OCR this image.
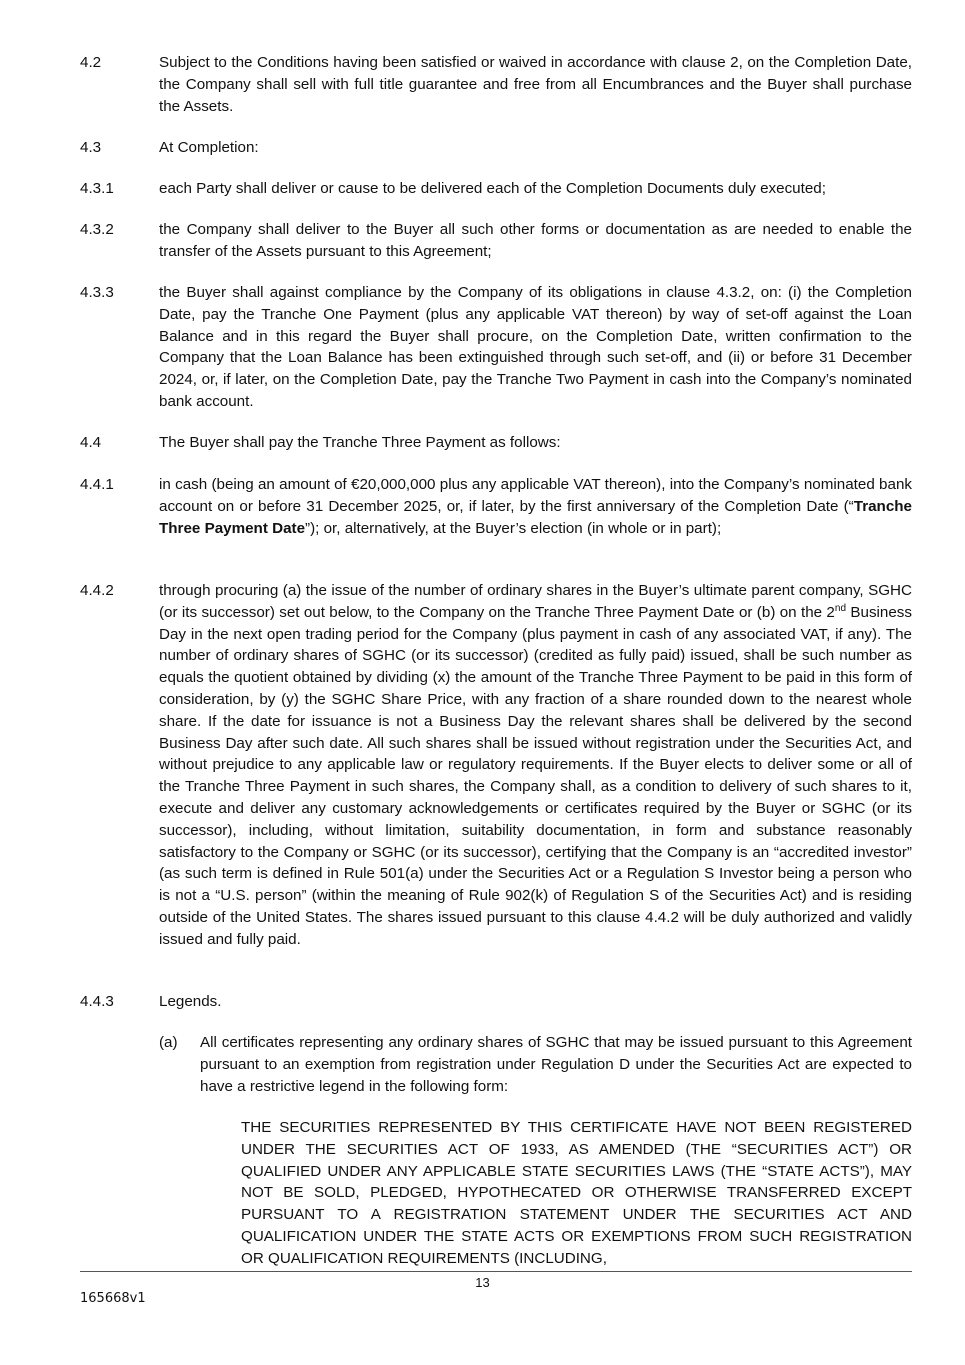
4.2	Subject to the Conditions having been satisfied or waived in accordance with clause 2, on the Completion Date, the Company shall sell with full title guarantee and free from all Encumbrances and the Buyer shall purchase the Assets.
4.3	At Completion:
4.3.1	each Party shall deliver or cause to be delivered each of the Completion Documents duly executed;
4.3.2	the Company shall deliver to the Buyer all such other forms or documentation as are needed to enable the transfer of the Assets pursuant to this Agreement;
4.3.3	the Buyer shall against compliance by the Company of its obligations in clause 4.3.2, on: (i) the Completion Date, pay the Tranche One Payment (plus any applicable VAT thereon) by way of set-off against the Loan Balance and in this regard the Buyer shall procure, on the Completion Date, written confirmation to the Company that the Loan Balance has been extinguished through such set-off, and (ii) or before 31 December 2024, or, if later, on the Completion Date, pay the Tranche Two Payment in cash into the Company’s nominated bank account.
4.4	The Buyer shall pay the Tranche Three Payment as follows:
4.4.1	in cash (being an amount of €20,000,000 plus any applicable VAT thereon), into the Company’s nominated bank account on or before 31 December 2025, or, if later, by the first anniversary of the Completion Date (“Tranche Three Payment Date”); or, alternatively, at the Buyer’s election (in whole or in part);
4.4.2	through procuring (a) the issue of the number of ordinary shares in the Buyer’s ultimate parent company, SGHC (or its successor) set out below, to the Company on the Tranche Three Payment Date or (b) on the 2nd Business Day in the next open trading period for the Company (plus payment in cash of any associated VAT, if any). The number of ordinary shares of SGHC (or its successor) (credited as fully paid) issued, shall be such number as equals the quotient obtained by dividing (x) the amount of the Tranche Three Payment to be paid in this form of consideration, by (y) the SGHC Share Price, with any fraction of a share rounded down to the nearest whole share. If the date for issuance is not a Business Day the relevant shares shall be delivered by the second Business Day after such date. All such shares shall be issued without registration under the Securities Act, and without prejudice to any applicable law or regulatory requirements. If the Buyer elects to deliver some or all of the Tranche Three Payment in such shares, the Company shall, as a condition to delivery of such shares to it, execute and deliver any customary acknowledgements or certificates required by the Buyer or SGHC (or its successor), including, without limitation, suitability documentation, in form and substance reasonably satisfactory to the Company or SGHC (or its successor), certifying that the Company is an “accredited investor” (as such term is defined in Rule 501(a) under the Securities Act or a Regulation S Investor being a person who is not a “U.S. person” (within the meaning of Rule 902(k) of Regulation S of the Securities Act) and is residing outside of the United States. The shares issued pursuant to this clause 4.4.2 will be duly authorized and validly issued and fully paid.
4.4.3	Legends.
(a) All certificates representing any ordinary shares of SGHC that may be issued pursuant to this Agreement pursuant to an exemption from registration under Regulation D under the Securities Act are expected to have a restrictive legend in the following form:
THE SECURITIES REPRESENTED BY THIS CERTIFICATE HAVE NOT BEEN REGISTERED UNDER THE SECURITIES ACT OF 1933, AS AMENDED (THE “SECURITIES ACT”) OR QUALIFIED UNDER ANY APPLICABLE STATE SECURITIES LAWS (THE “STATE ACTS”), MAY NOT BE SOLD, PLEDGED, HYPOTHECATED OR OTHERWISE TRANSFERRED EXCEPT PURSUANT TO A REGISTRATION STATEMENT UNDER THE SECURITIES ACT AND QUALIFICATION UNDER THE STATE ACTS OR EXEMPTIONS FROM SUCH REGISTRATION OR QUALIFICATION REQUIREMENTS (INCLUDING,
13
165668v1
